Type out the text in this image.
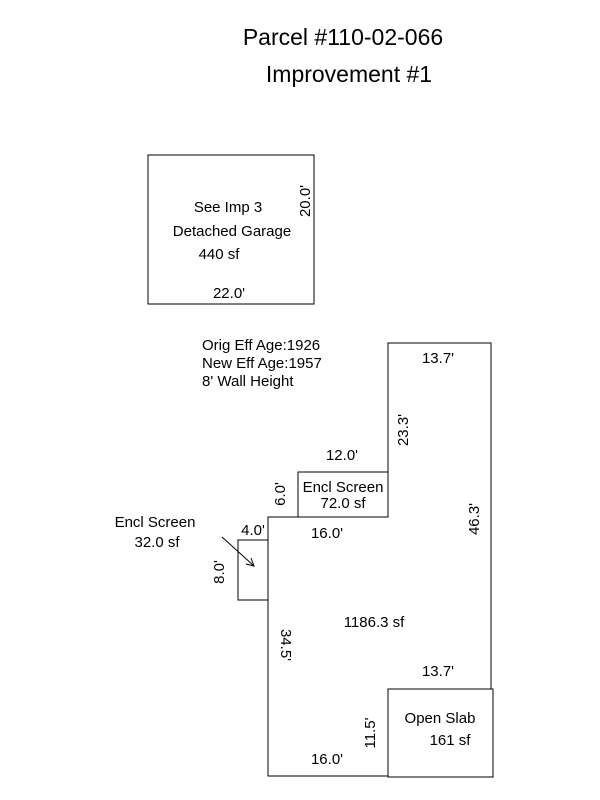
Parcel #110-02-066
Improvement #1
See Imp 3
Detached Garage
440 sf
22.0'
20.0'
Orig Eff Age:1926
New Eff Age:1957
8' Wall Height
13.7'
23.3'
46.3'
1186.3 sf
13.7'
34.5'
16.0'
16.0'
Encl Screen
72.0 sf
12.0'
6.0'
Encl Screen
32.0 sf
4.0'
8.0'
Open Slab
161 sf
11.5'
